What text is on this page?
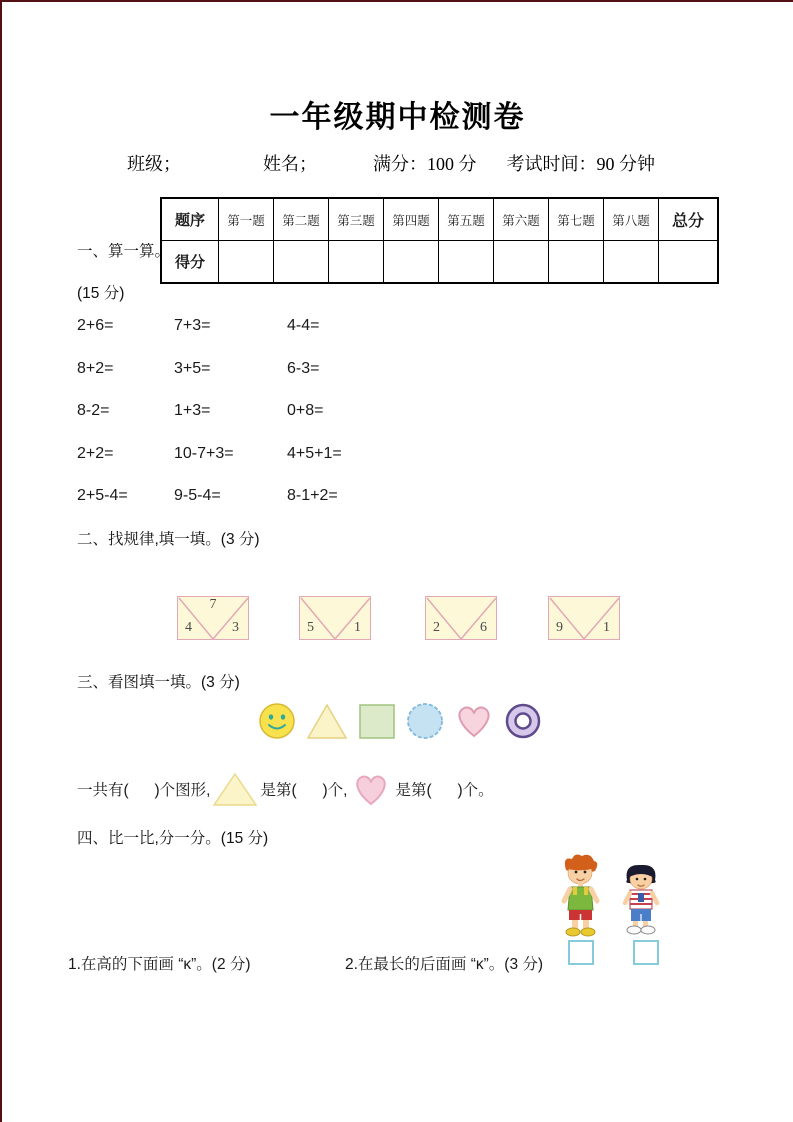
一年级期中检测卷
班级；	姓名；	满分：100 分 考试时间：90 分钟
题序	第一题	第二题	第三题	第四题	第五题	第六题	第七题	第八题	总分
得分
一、算一算。
(15 分)
2+6=	7+3=	4-4=
8+2=	3+5=	6-3=
8-2=	1+3=	0+8=
2+2=	10-7+3=	4+5+1=
2+5-4=	9-5-4=	8-1+2=
二、找规律,填一填。(3 分)
7
4	3	5	1	2	6	9	1
三、看图填一填。(3 分)
一共有(      )个图形,	是第(      )个,	是第(      )个。
四、比一比,分一分。(15 分)
1.在高的下面画 “κ”。(2 分)	2.在最长的后面画 “κ”。(3 分)
